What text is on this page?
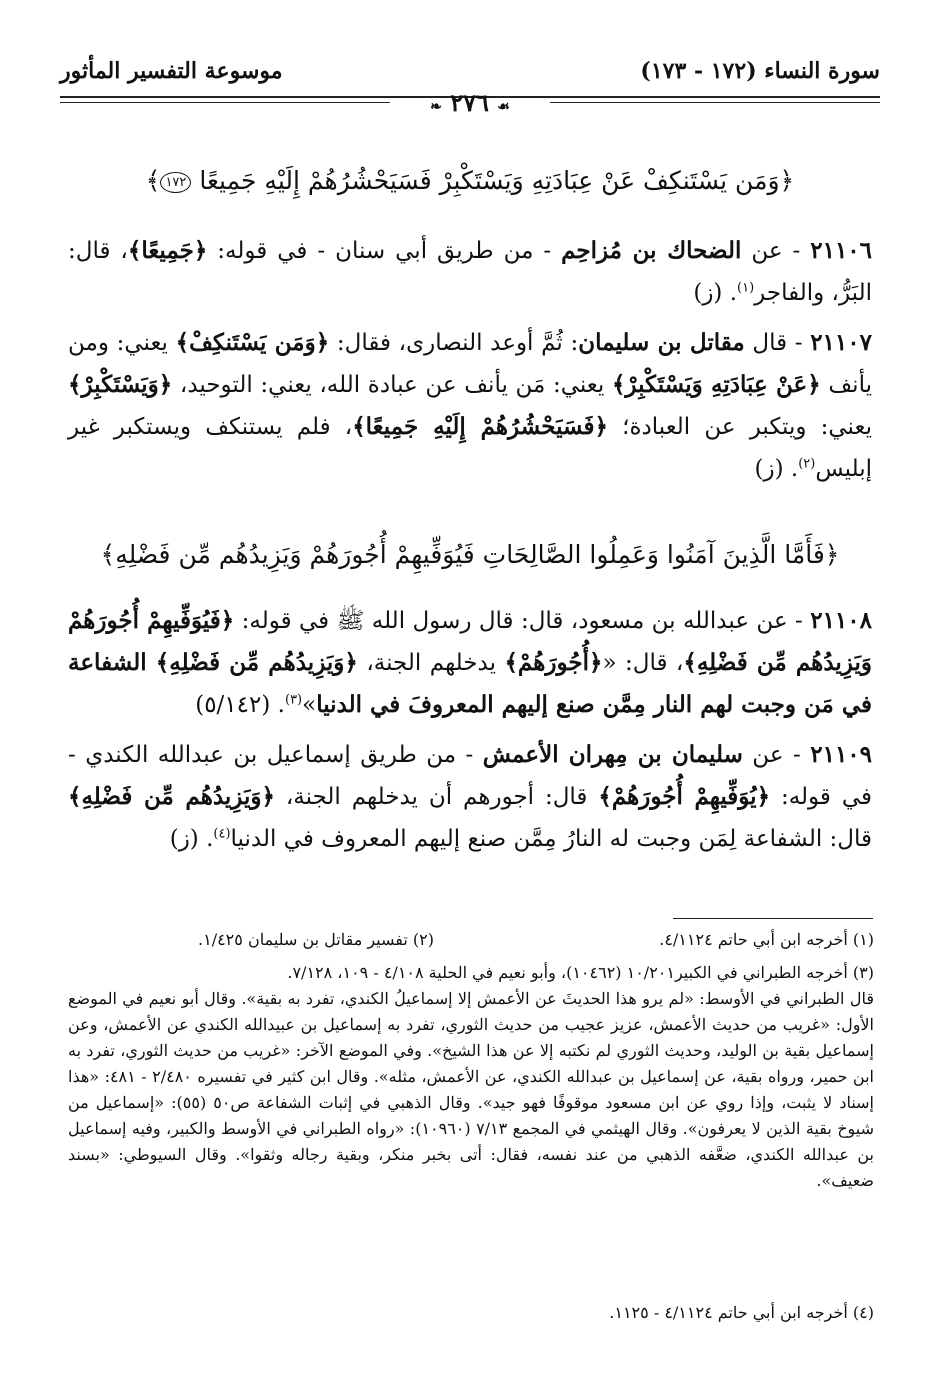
سورة النساء (١٧٢ - ١٧٣)
موسوعة التفسير المأثور
❧ ٢٧٦ ☙
﴿وَمَن يَسْتَنكِفْ عَنْ عِبَادَتِهِ وَيَسْتَكْبِرْ فَسَيَحْشُرُهُمْ إِلَيْهِ جَمِيعًا ١٧٢﴾
٢١١٠٦ - عن الضحاك بن مُزاحِم - من طريق أبي سنان - في قوله: ﴿جَمِيعًا﴾، قال: البَرُّ، والفاجر$^{(١)}$. (ز)
٢١١٠٧ - قال مقاتل بن سليمان: ثُمَّ أوعد النصارى، فقال: ﴿وَمَن يَسْتَنكِفْ﴾ يعني: ومن يأنف ﴿عَنْ عِبَادَتِهِ وَيَسْتَكْبِرْ﴾ يعني: مَن يأنف عن عبادة الله، يعني: التوحيد، ﴿وَيَسْتَكْبِرْ﴾ يعني: ويتكبر عن العبادة؛ ﴿فَسَيَحْشُرُهُمْ إِلَيْهِ جَمِيعًا﴾، فلم يستنكف ويستكبر غير إبليس$^{(٢)}$. (ز)
﴿فَأَمَّا الَّذِينَ آمَنُوا وَعَمِلُوا الصَّالِحَاتِ فَيُوَفِّيهِمْ أُجُورَهُمْ وَيَزِيدُهُم مِّن فَضْلِهِ﴾
٢١١٠٨ - عن عبدالله بن مسعود، قال: قال رسول الله ﷺ في قوله: ﴿فَيُوَفِّيهِمْ أُجُورَهُمْ وَيَزِيدُهُم مِّن فَضْلِهِ﴾، قال: «﴿أُجُورَهُمْ﴾ يدخلهم الجنة، ﴿وَيَزِيدُهُم مِّن فَضْلِهِ﴾ الشفاعة في مَن وجبت لهم النار مِمَّن صنع إليهم المعروفَ في الدنيا»$^{(٣)}$. (٥/١٤٢)
٢١١٠٩ - عن سليمان بن مِهران الأعمش - من طريق إسماعيل بن عبدالله الكندي - في قوله: ﴿يُوَفِّيهِمْ أُجُورَهُمْ﴾ قال: أجورهم أن يدخلهم الجنة، ﴿وَيَزِيدُهُم مِّن فَضْلِهِ﴾ قال: الشفاعة لِمَن وجبت له النارُ مِمَّن صنع إليهم المعروف في الدنيا$^{(٤)}$. (ز)
(١) أخرجه ابن أبي حاتم ٤/١١٢٤.
(٢) تفسير مقاتل بن سليمان ١/٤٢٥.
(٣) أخرجه الطبراني في الكبير١٠/٢٠١ (١٠٤٦٢)، وأبو نعيم في الحلية ٤/١٠٨ - ١٠٩، ٧/١٢٨.
قال الطبراني في الأوسط: «لم يرو هذا الحديثَ عن الأعمش إلا إسماعيلُ الكندي، تفرد به بقية». وقال أبو نعيم في الموضع الأول: «غريب من حديث الأعمش، عزيز عجيب من حديث الثوري، تفرد به إسماعيل بن عبيدالله الكندي عن الأعمش، وعن إسماعيل بقية بن الوليد، وحديث الثوري لم نكتبه إلا عن هذا الشيخ». وفي الموضع الآخر: «غريب من حديث الثوري، تفرد به ابن حمير، ورواه بقية، عن إسماعيل بن عبدالله الكندي، عن الأعمش، مثله». وقال ابن كثير في تفسيره ٢/٤٨٠ - ٤٨١: «هذا إسناد لا يثبت، وإذا روي عن ابن مسعود موقوفًا فهو جيد». وقال الذهبي في إثبات الشفاعة ص٥٠ (٥٥): «إسماعيل من شيوخ بقية الذين لا يعرفون». وقال الهيثمي في المجمع ٧/١٣ (١٠٩٦٠): «رواه الطبراني في الأوسط والكبير، وفيه إسماعيل بن عبدالله الكندي، ضعَّفه الذهبي من عند نفسه، فقال: أتى بخبر منكر، وبقية رجاله وثقوا». وقال السيوطي: «بسند ضعيف».
(٤) أخرجه ابن أبي حاتم ٤/١١٢٤ - ١١٢٥.
